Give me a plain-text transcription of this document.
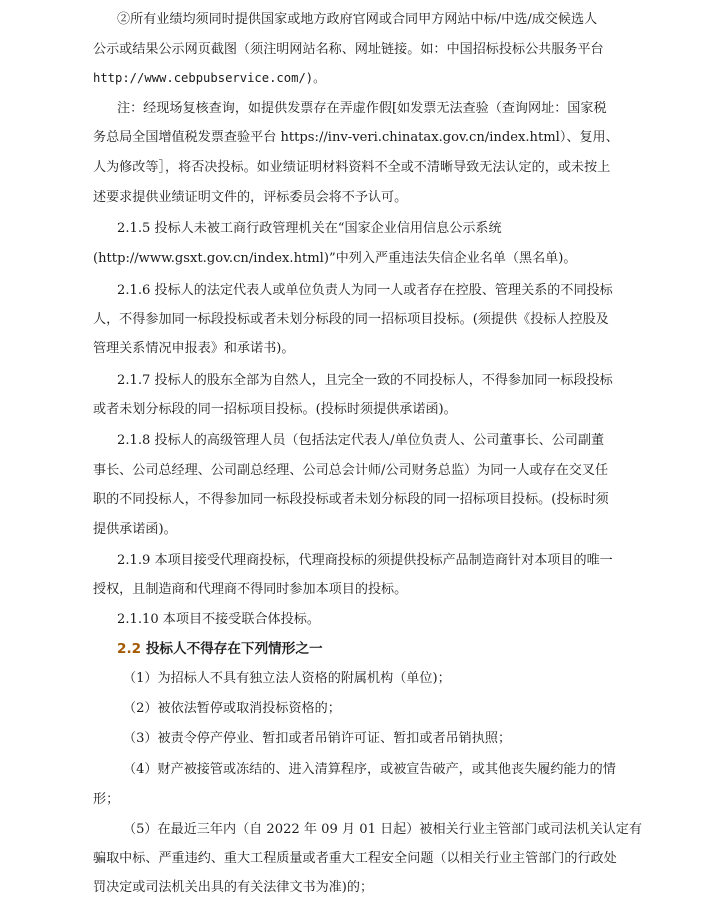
②所有业绩均须同时提供国家或地方政府官网或合同甲方网站中标/中选/成交候选人

公示或结果公示网页截图（须注明网站名称、网址链接。如：中国招标投标公共服务平台

http://www.cebpubservice.com/)。

注：经现场复核查询，如提供发票存在弄虚作假[如发票无法查验（查询网址：国家税

务总局全国增值税发票查验平台 https://inv-veri.chinatax.gov.cn/index.html）、复用、

人为修改等］，将否决投标。如业绩证明材料资料不全或不清晰导致无法认定的，或未按上

述要求提供业绩证明文件的，评标委员会将不予认可。

2.1.5 投标人未被工商行政管理机关在“国家企业信用信息公示系统

(http://www.gsxt.gov.cn/index.html)”中列入严重违法失信企业名单（黑名单)。

2.1.6 投标人的法定代表人或单位负责人为同一人或者存在控股、管理关系的不同投标

人，不得参加同一标段投标或者未划分标段的同一招标项目投标。(须提供《投标人控股及

管理关系情况申报表》和承诺书)。

2.1.7 投标人的股东全部为自然人，且完全一致的不同投标人，不得参加同一标段投标

或者未划分标段的同一招标项目投标。(投标时须提供承诺函)。

2.1.8 投标人的高级管理人员（包括法定代表人/单位负责人、公司董事长、公司副董

事长、公司总经理、公司副总经理、公司总会计师/公司财务总监）为同一人或存在交叉任

职的不同投标人，不得参加同一标段投标或者未划分标段的同一招标项目投标。(投标时须

提供承诺函)。

2.1.9 本项目接受代理商投标，代理商投标的须提供投标产品制造商针对本项目的唯一

授权，且制造商和代理商不得同时参加本项目的投标。

2.1.10 本项目不接受联合体投标。

2.2 投标人不得存在下列情形之一

（1）为招标人不具有独立法人资格的附属机构（单位)；

（2）被依法暂停或取消投标资格的；

（3）被责令停产停业、暂扣或者吊销许可证、暂扣或者吊销执照；

（4）财产被接管或冻结的、进入清算程序，或被宣告破产，或其他丧失履约能力的情

形；

（5）在最近三年内（自 2022 年 09 月 01 日起）被相关行业主管部门或司法机关认定有

骗取中标、严重违约、重大工程质量或者重大工程安全问题（以相关行业主管部门的行政处

罚决定或司法机关出具的有关法律文书为准)的；
